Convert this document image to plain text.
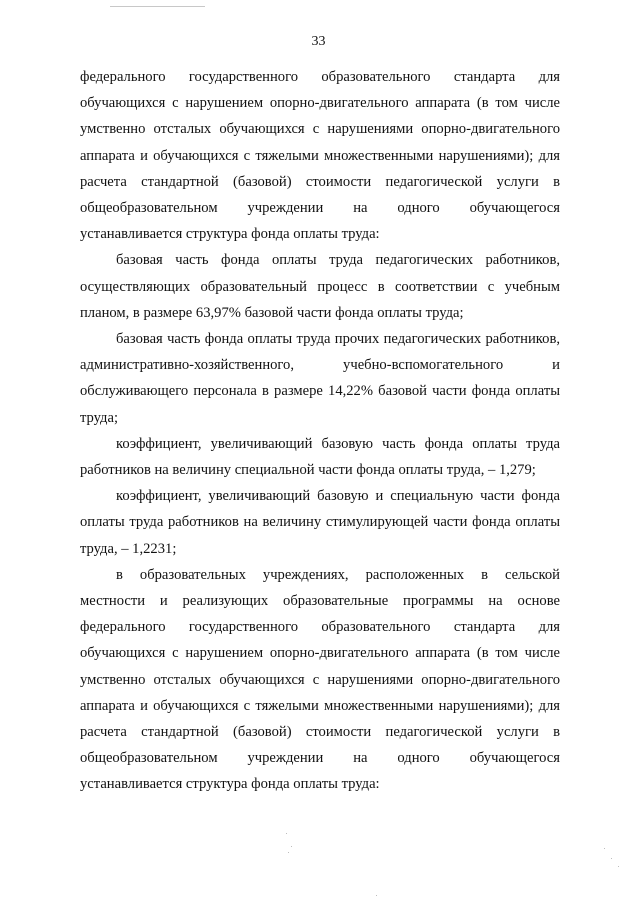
33

федерального государственного образовательного стандарта для обучающихся с нарушением опорно-двигательного аппарата (в том числе умственно отсталых обучающихся с нарушениями опорно-двигательного аппарата и обучающихся с тяжелыми множественными нарушениями); для расчета стандартной (базовой) стоимости педагогической услуги в общеобразовательном учреждении на одного обучающегося устанавливается структура фонда оплаты труда:

базовая часть фонда оплаты труда педагогических работников, осуществляющих образовательный процесс в соответствии с учебным планом, в размере 63,97% базовой части фонда оплаты труда;

базовая часть фонда оплаты труда прочих педагогических работников, административно-хозяйственного, учебно-вспомогательного и обслуживающего персонала в размере 14,22% базовой части фонда оплаты труда;

коэффициент, увеличивающий базовую часть фонда оплаты труда работников на величину специальной части фонда оплаты труда, – 1,279;

коэффициент, увеличивающий базовую и специальную части фонда оплаты труда работников на величину стимулирующей части фонда оплаты труда, – 1,2231;

в образовательных учреждениях, расположенных в сельской местности и реализующих образовательные программы на основе федерального государственного образовательного стандарта для обучающихся с нарушением опорно-двигательного аппарата (в том числе умственно отсталых обучающихся с нарушениями опорно-двигательного аппарата и обучающихся с тяжелыми множественными нарушениями); для расчета стандартной (базовой) стоимости педагогической услуги в общеобразовательном учреждении на одного обучающегося устанавливается структура фонда оплаты труда:
